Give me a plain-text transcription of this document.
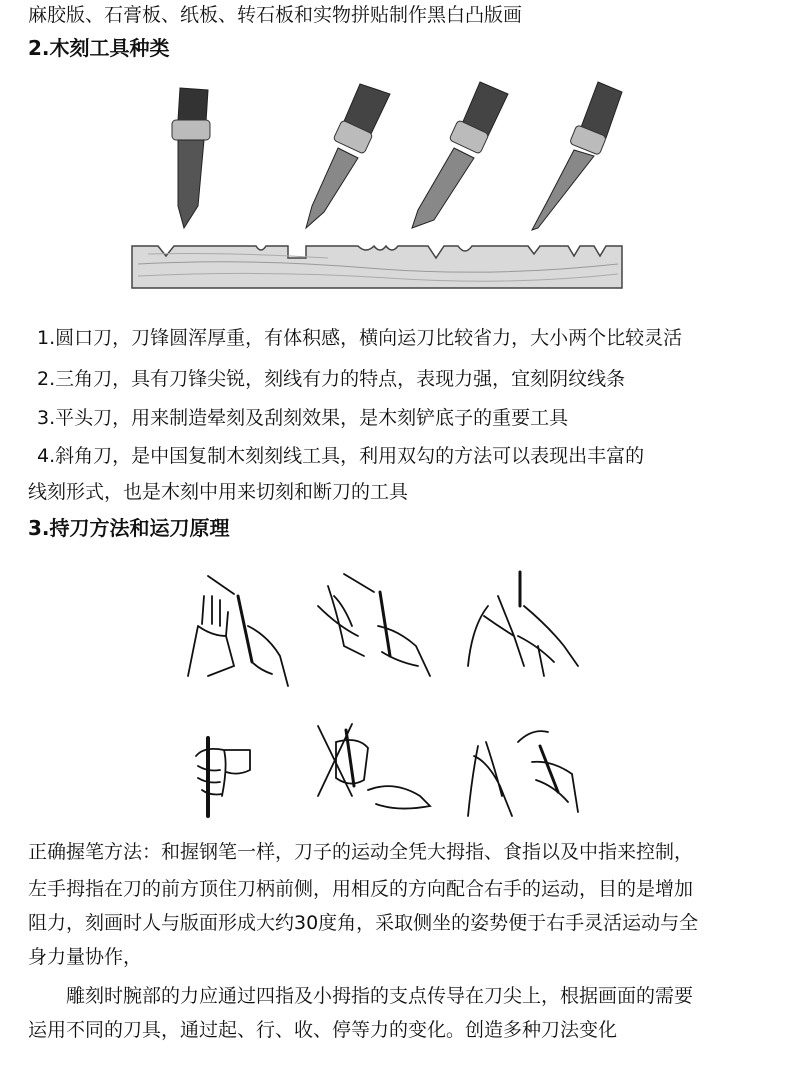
麻胶版、石膏板、纸板、转石板和实物拼贴制作黑白凸版画
2.木刻工具种类
1.圆口刀，刀锋圆浑厚重，有体积感，横向运刀比较省力，大小两个比较灵活
2.三角刀，具有刀锋尖锐，刻线有力的特点，表现力强，宜刻阴纹线条
3.平头刀，用来制造晕刻及刮刻效果，是木刻铲底子的重要工具
4.斜角刀，是中国复制木刻刻线工具，利用双勾的方法可以表现出丰富的
线刻形式，也是木刻中用来切刻和断刀的工具
3.持刀方法和运刀原理
正确握笔方法：和握钢笔一样，刀子的运动全凭大拇指、食指以及中指来控制，
左手拇指在刀的前方顶住刀柄前侧，用相反的方向配合右手的运动，目的是增加
阻力，刻画时人与版面形成大约30度角，采取侧坐的姿势便于右手灵活运动与全
身力量协作，
　　雕刻时腕部的力应通过四指及小拇指的支点传导在刀尖上，根据画面的需要
运用不同的刀具，通过起、行、收、停等力的变化。创造多种刀法变化
